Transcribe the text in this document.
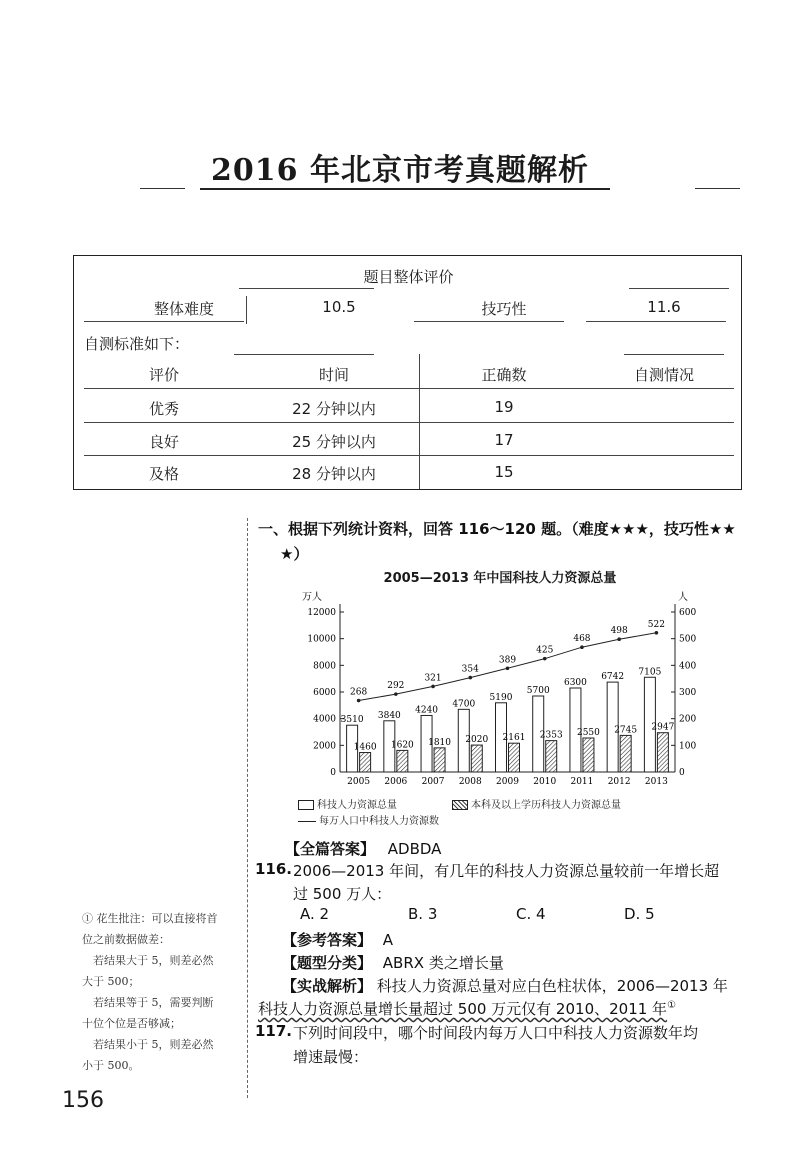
2016 年北京市考真题解析
题目整体评价
整体难度	10.5	技巧性	11.6
自测标准如下：
评价	时间	正确数	自测情况
优秀	22 分钟以内	19
良好	25 分钟以内	17
及格	28 分钟以内	15
一、根据下列统计资料，回答 116～120 题。（难度★★★，技巧性★★
★）
2005—2013 年中国科技人力资源总量
万人	人
0
2000
4000
6000
8000
10000
12000
0
100
200
300
400
500
600
3510
1460
2005
3840
1620
2006
4240
1810
2007
4700
2020
2008
5190
2161
2009
5700
2353
2010
6300
2550
2011
6742
2745
2012
7105
2947
2013
268
292
321
354
389
425
468
498
522
科技人力资源总量	本科及以上学历科技人力资源总量
每万人口中科技人力资源数
【全篇答案】 ADBDA
116. 2006—2013 年间，有几年的科技人力资源总量较前一年增长超
过 500 万人：
A. 2	B. 3	C. 4	D. 5
【参考答案】 A
【题型分类】 ABRX 类之增长量
【实战解析】 科技人力资源总量对应白色柱状体，2006—2013 年
科技人力资源总量增长量超过 500 万元仅有 2010、2011 年①
117. 下列时间段中，哪个时间段内每万人口中科技人力资源数年均
增速最慢：
① 花生批注：可以直接将首
位之前数据做差：
　若结果大于 5，则差必然
大于 500；
　若结果等于 5，需要判断
十位个位是否够减；
　若结果小于 5，则差必然
小于 500。
156
